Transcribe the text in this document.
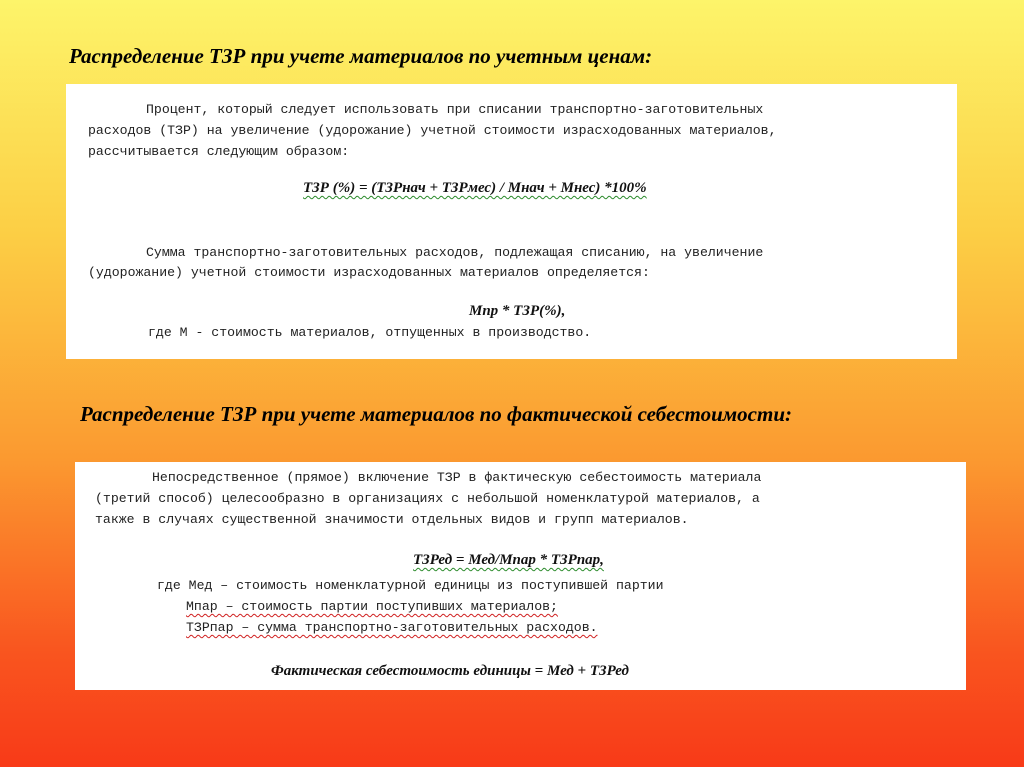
Распределение ТЗР при учете материалов по учетным ценам:

Процент, который следует использовать при списании транспортно-заготовительных

расходов (ТЗР) на увеличение (удорожание) учетной стоимости израсходованных материалов,

рассчитывается следующим образом:

ТЗР (%) = (ТЗРнач + ТЗРмес) / Мнач + Мнес) *100%

Сумма транспортно-заготовительных расходов, подлежащая списанию, на увеличение

(удорожание) учетной стоимости израсходованных материалов определяется:

Мпр * ТЗР(%),

где М - стоимость материалов, отпущенных в производство.

Распределение ТЗР при учете материалов по фактической себестоимости:

Непосредственное (прямое) включение ТЗР в фактическую себестоимость материала

(третий способ) целесообразно в организациях с небольшой номенклатурой материалов, а

также в случаях существенной значимости отдельных видов и групп материалов.

ТЗРед = Мед/Мпар * ТЗРпар,

где Мед – стоимость номенклатурной единицы из поступившей партии

Мпар – стоимость партии поступивших материалов;

ТЗРпар – сумма транспортно-заготовительных расходов.

Фактическая себестоимость единицы = Мед + ТЗРед
